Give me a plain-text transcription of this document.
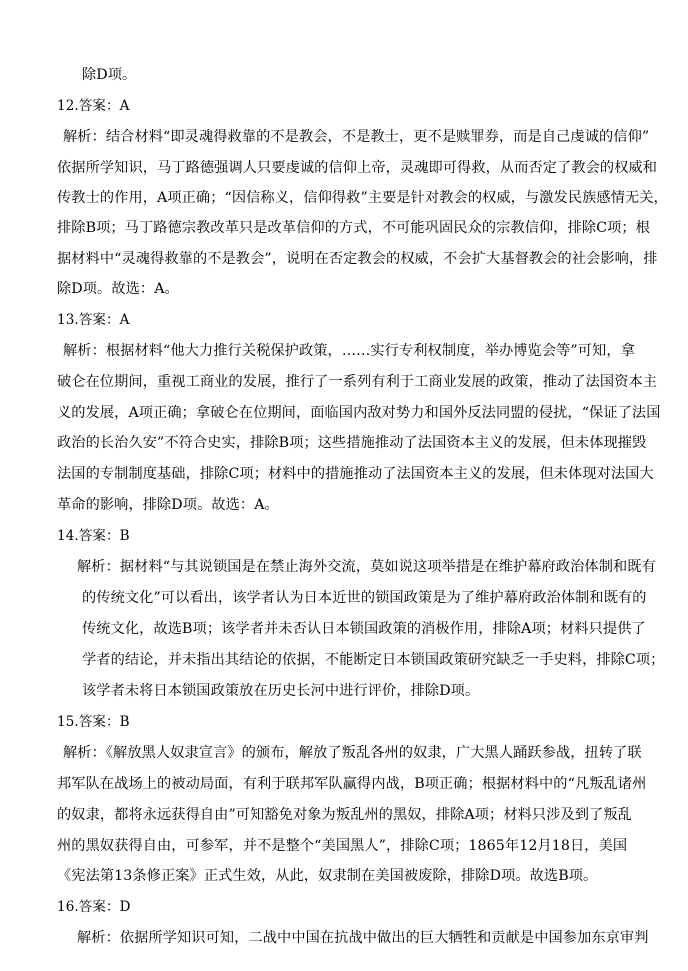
除D项。
12.答案：A
解析：结合材料“即灵魂得救靠的不是教会，不是教士，更不是赎罪券，而是自己虔诚的信仰”
依据所学知识，马丁路德强调人只要虔诚的信仰上帝，灵魂即可得救，从而否定了教会的权威和
传教士的作用，A项正确；“因信称义，信仰得救”主要是针对教会的权威，与激发民族感情无关，
排除B项；马丁路德宗教改革只是改革信仰的方式，不可能巩固民众的宗教信仰，排除C项；根
据材料中“灵魂得救靠的不是教会”，说明在否定教会的权威，不会扩大基督教会的社会影响，排
除D项。故选：A。
13.答案：A
解析：根据材料“他大力推行关税保护政策，……实行专利权制度，举办博览会等”可知，拿
破仑在位期间，重视工商业的发展，推行了一系列有利于工商业发展的政策，推动了法国资本主
义的发展，A项正确；拿破仑在位期间，面临国内敌对势力和国外反法同盟的侵扰，“保证了法国
政治的长治久安”不符合史实，排除B项；这些措施推动了法国资本主义的发展，但未体现摧毁
法国的专制制度基础，排除C项；材料中的措施推动了法国资本主义的发展，但未体现对法国大
革命的影响，排除D项。故选：A。
14.答案：B
解析：据材料“与其说锁国是在禁止海外交流，莫如说这项举措是在维护幕府政治体制和既有
的传统文化”可以看出，该学者认为日本近世的锁国政策是为了维护幕府政治体制和既有的
传统文化，故选B项；该学者并未否认日本锁国政策的消极作用，排除A项；材料只提供了
学者的结论，并未指出其结论的依据，不能断定日本锁国政策研究缺乏一手史料，排除C项；
该学者未将日本锁国政策放在历史长河中进行评价，排除D项。
15.答案：B
解析：《解放黑人奴隶宣言》的颁布，解放了叛乱各州的奴隶，广大黑人踊跃参战，扭转了联
邦军队在战场上的被动局面，有利于联邦军队赢得内战，B项正确；根据材料中的“凡叛乱诸州
的奴隶，都将永远获得自由”可知豁免对象为叛乱州的黑奴，排除A项；材料只涉及到了叛乱
州的黑奴获得自由，可参军，并不是整个“美国黑人”，排除C项；1865年12月18日，美国
《宪法第13条修正案》正式生效，从此，奴隶制在美国被废除，排除D项。故选B项。
16.答案：D
解析：依据所学知识可知，二战中中国在抗战中做出的巨大牺牲和贡献是中国参加东京审判
